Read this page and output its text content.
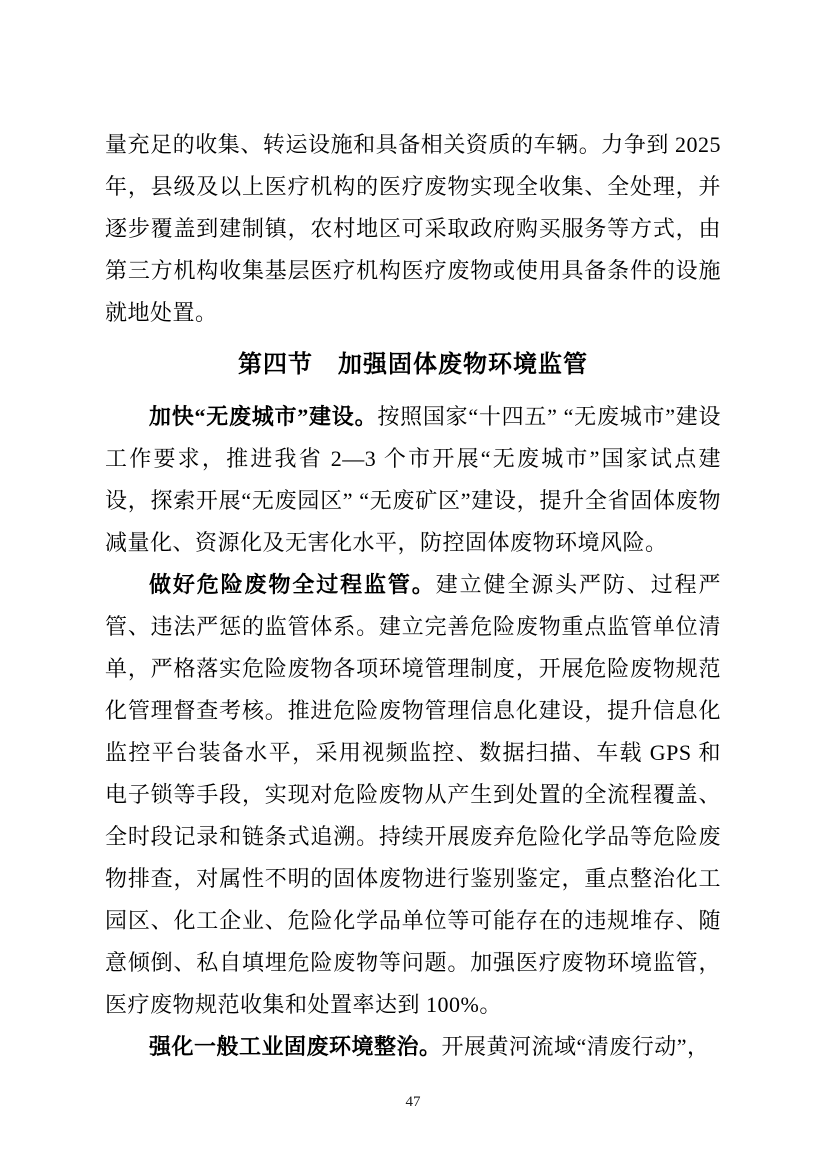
量充足的收集、转运设施和具备相关资质的车辆。力争到 2025 年，县级及以上医疗机构的医疗废物实现全收集、全处理，并逐步覆盖到建制镇，农村地区可采取政府购买服务等方式，由第三方机构收集基层医疗机构医疗废物或使用具备条件的设施就地处置。

第四节　加强固体废物环境监管

加快“无废城市”建设。按照国家“十四五” “无废城市”建设工作要求，推进我省 2—3 个市开展“无废城市”国家试点建设，探索开展“无废园区” “无废矿区”建设，提升全省固体废物减量化、资源化及无害化水平，防控固体废物环境风险。

做好危险废物全过程监管。建立健全源头严防、过程严管、违法严惩的监管体系。建立完善危险废物重点监管单位清单，严格落实危险废物各项环境管理制度，开展危险废物规范化管理督查考核。推进危险废物管理信息化建设，提升信息化监控平台装备水平，采用视频监控、数据扫描、车载 GPS 和电子锁等手段，实现对危险废物从产生到处置的全流程覆盖、全时段记录和链条式追溯。持续开展废弃危险化学品等危险废物排查，对属性不明的固体废物进行鉴别鉴定，重点整治化工园区、化工企业、危险化学品单位等可能存在的违规堆存、随意倾倒、私自填埋危险废物等问题。加强医疗废物环境监管，医疗废物规范收集和处置率达到 100%。

强化一般工业固废环境整治。开展黄河流域“清废行动”，

47
